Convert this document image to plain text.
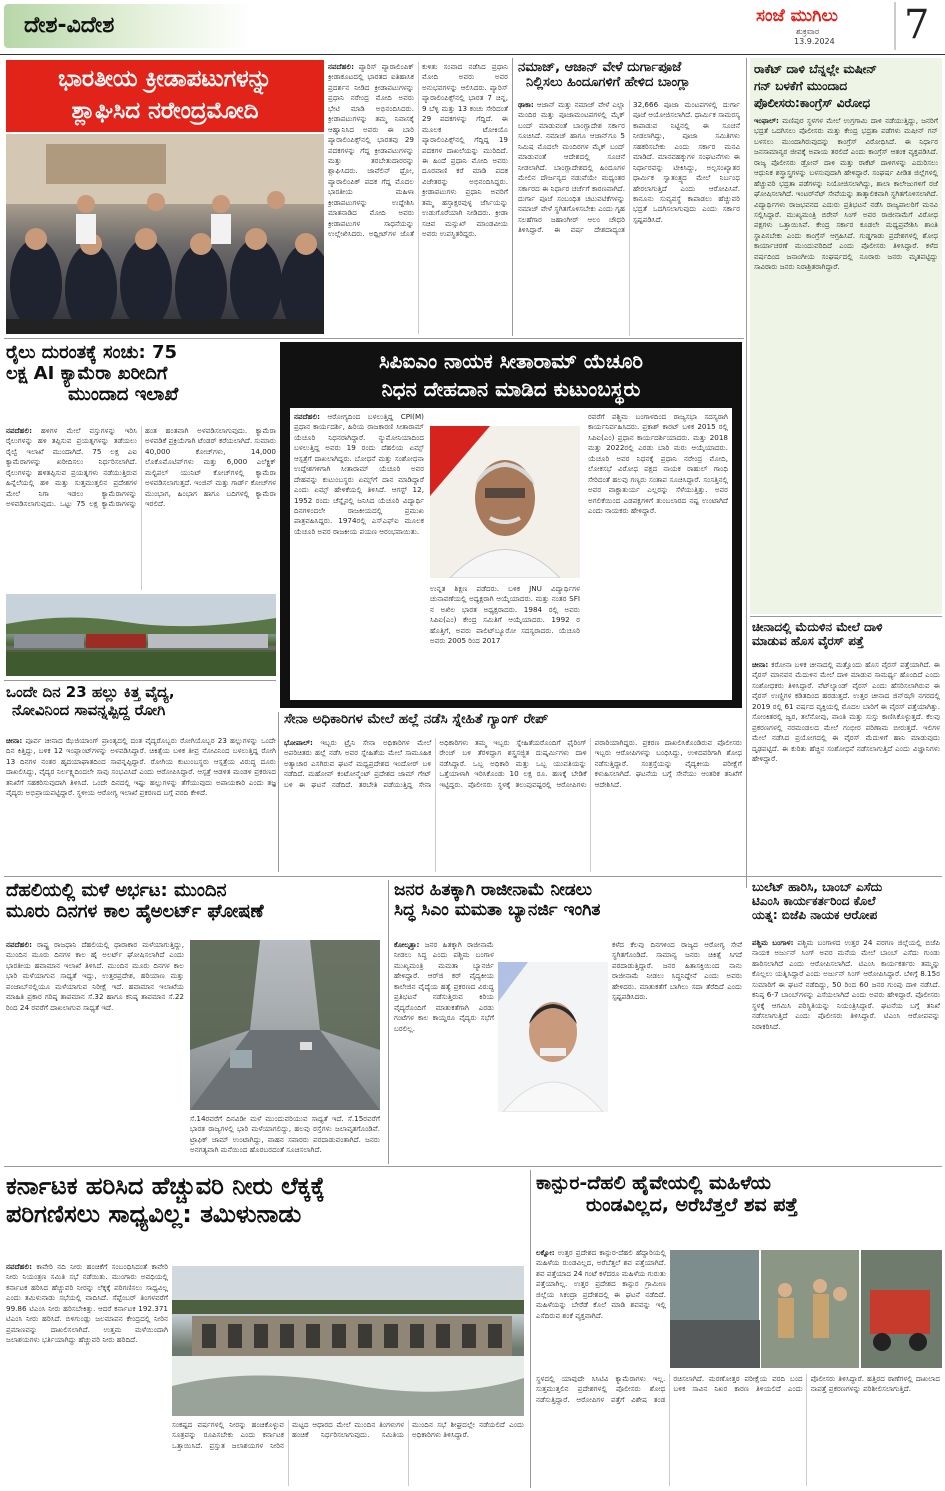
ದೇಶ-ವಿದೇಶ	ಸಂಜೆ ಮುಗಿಲು
ಶುಕ್ರವಾರ
13.9.2024 7
ಭಾರತೀಯ ಕ್ರೀಡಾಪಟುಗಳನ್ನು
ಶ್ಲಾಘಿಸಿದ ನರೇಂದ್ರಮೋದಿ
ನವದೆಹಲಿ: ಪ್ಯಾರಿಸ್ ಪ್ಯಾರಾಲಿಂಪಿಕ್ ಕ್ರೀಡಾಕೂಟದಲ್ಲಿ ಭಾರತದ ಐತಿಹಾಸಿಕ ಪ್ರದರ್ಶನ ನೀಡಿದ ಕ್ರೀಡಾಪಟುಗಳನ್ನು ಪ್ರಧಾನಿ ನರೇಂದ್ರ ಮೋದಿ ಅವರು ಭೇಟಿ ಮಾಡಿ ಅಭಿನಂದಿಸಿದರು. ಕ್ರೀಡಾಪಟುಗಳನ್ನು ತಮ್ಮ ನಿವಾಸಕ್ಕೆ ಆಹ್ವಾನಿಸಿದ ಅವರು ಈ ಬಾರಿ ಪ್ಯಾರಾಲಿಂಪಿಕ್ಸ್‌ನಲ್ಲಿ ಭಾರತವು 29 ಪದಕಗಳನ್ನು ಗೆದ್ದ ಕ್ರೀಡಾಪಟುಗಳನ್ನು ಮತ್ತು ತರಬೇತುದಾರರನ್ನು ಶ್ಲಾಘಿಸಿದರು. ಜಾವೆಲಿನ್ ಥ್ರೋ, ಪ್ಯಾರಾಲಿಂಪಿಕ್ ಪದಕ ಗೆದ್ದ ಮೊದಲ ಭಾರತೀಯ ಮಹಿಳಾ ಕ್ರೀಡಾಪಟುಗಳನ್ನು ಉದ್ದೇಶಿಸಿ ಮಾತನಾಡಿದ ಮೋದಿ ಅವರು ಕ್ರೀಡಾಪಟುಗಳ ಸಾಧನೆಯನ್ನು ಉಲ್ಲೇಖಿಸಿದರು. ಅಥ್ಲೀಟ್‌ಗಳ ಜೊತೆ ಕುಳಿತು ಸಂವಾದ ನಡೆಸಿದ ಪ್ರಧಾನಿ ಮೋದಿ ಅವರು ಅವರ ಅನುಭವಗಳನ್ನು ಆಲಿಸಿದರು. ಪ್ಯಾರಿಸ್ ಪ್ಯಾರಾಲಿಂಪಿಕ್ಸ್‌ನಲ್ಲಿ ಭಾರತ 7 ಚಿನ್ನ, 9 ಬೆಳ್ಳಿ ಮತ್ತು 13 ಕಂಚು ಸೇರಿದಂತೆ 29 ಪದಕಗಳನ್ನು ಗೆದ್ದಿದೆ. ಈ ಮೂಲಕ ಟೋಕಿಯೊ ಪ್ಯಾರಾಲಿಂಪಿಕ್ಸ್‌ನಲ್ಲಿ ಗೆದ್ದಿದ್ದ 19 ಪದಕಗಳ ದಾಖಲೆಯನ್ನು ಮುರಿದಿದೆ. ಈ ಹಿಂದೆ ಪ್ರಧಾನಿ ಮೋದಿ ಅವರು ದೂರವಾಣಿ ಕರೆ ಮಾಡಿ ಪದಕ ವಿಜೇತರನ್ನು ಅಭಿನಂದಿಸಿದ್ದರು. ಕ್ರೀಡಾಪಟುಗಳು ಪ್ರಧಾನಿ ಅವರಿಗೆ ತಮ್ಮ ಹಸ್ತಾಕ್ಷರವುಳ್ಳ ಜೆರ್ಸಿಯನ್ನು ಉಡುಗೊರೆಯಾಗಿ ನೀಡಿದರು. ಕ್ರೀಡಾ ಸಚಿವ ಮನ್ಸುಖ್ ಮಾಂಡವೀಯ ಅವರು ಉಪಸ್ಥಿತರಿದ್ದರು.
ನಮಾಜ್, ಆಜಾನ್ ವೇಳೆ ದುರ್ಗಾಪೂಜೆ
ನಿಲ್ಲಿಸಲು ಹಿಂದೂಗಳಿಗೆ ಹೇಳಿದ ಬಾಂಗ್ಲಾ
ಢಾಕಾ: ಆಜಾನ್ ಮತ್ತು ನಮಾಜ್ ವೇಳೆ ಎಲ್ಲಾ ಮಂದಿರ ಮತ್ತು ಪೂಜಾಮಂಟಪಗಳಲ್ಲಿ ಮೈಕ್ ಬಂದ್ ಮಾಡುವಂತೆ ಬಾಂಗ್ಲಾದೇಶ ಸರ್ಕಾರ ಸೂಚಿಸಿದೆ. ನಮಾಜ್ ಹಾಗೂ ಆಜಾನ್‌ಗೂ 5 ನಿಮಿಷ ಮೊದಲೇ ಮಂದಿರಗಳ ಮೈಕ್ ಬಂದ್ ಮಾಡುವಂತೆ ಆದೇಶದಲ್ಲಿ ಸೂಚನೆ ನೀಡಲಾಗಿದೆ. ಬಾಂಗ್ಲಾದೇಶದಲ್ಲಿ ಹಿಂದೂಗಳ ಮೇಲಿನ ದೌರ್ಜನ್ಯದ ನಡುವೆಯೇ ಮಧ್ಯಂತರ ಸರ್ಕಾರದ ಈ ನಿರ್ಧಾರ ಚರ್ಚೆಗೆ ಕಾರಣವಾಗಿದೆ. ದುರ್ಗಾ ಪೂಜೆ ಸಂಬಂಧಿತ ಚಟುವಟಿಕೆಗಳನ್ನು ನಮಾಜ್ ವೇಳೆ ಸ್ಥಗಿತಗೊಳಿಸಬೇಕು ಎಂದು ಗೃಹ ಸಲಹೆಗಾರ ಜಹಾಂಗೀರ್ ಆಲಂ ಚೌಧರಿ ತಿಳಿಸಿದ್ದಾರೆ. ಈ ವರ್ಷ ದೇಶದಾದ್ಯಂತ 32,666 ಪೂಜಾ ಮಂಟಪಗಳಲ್ಲಿ ದುರ್ಗಾ ಪೂಜೆ ಆಯೋಜಿಸಲಾಗಿದೆ. ಧಾರ್ಮಿಕ ಸಾಮರಸ್ಯ ಕಾಪಾಡುವ ನಿಟ್ಟಿನಲ್ಲಿ ಈ ಸೂಚನೆ ನೀಡಲಾಗಿದ್ದು, ಪೂಜಾ ಸಮಿತಿಗಳು ಸಹಕರಿಸಬೇಕು ಎಂದು ಸರ್ಕಾರ ಮನವಿ ಮಾಡಿದೆ. ಮಾನವಹಕ್ಕುಗಳ ಸಂಘಟನೆಗಳು ಈ ನಿರ್ಧಾರವನ್ನು ಟೀಕಿಸಿದ್ದು, ಅಲ್ಪಸಂಖ್ಯಾತರ ಧಾರ್ಮಿಕ ಸ್ವಾತಂತ್ರ್ಯದ ಮೇಲೆ ನಿರ್ಬಂಧ ಹೇರಲಾಗುತ್ತಿದೆ ಎಂದು ಆರೋಪಿಸಿವೆ. ಕಾನೂನು ಸುವ್ಯವಸ್ಥೆ ಕಾಪಾಡಲು ಹೆಚ್ಚುವರಿ ಭದ್ರತೆ ಒದಗಿಸಲಾಗುವುದು ಎಂದು ಸರ್ಕಾರ ಸ್ಪಷ್ಟಪಡಿಸಿದೆ.
ರಾಕೆಟ್ ದಾಳಿ ಬೆನ್ನಲ್ಲೇ ಮಷೀನ್
ಗನ್ ಬಳಕೆಗೆ ಮುಂದಾದ
ಪೊಲೀಸರು:ಕಾಂಗ್ರೆಸ್ ವಿರೋಧ
ಇಂಫಾಲ್: ಮಣಿಪುರ ಸ್ಥಳಗಳ ಮೇಲೆ ಉಗ್ರಗಾಮಿ ದಾಳಿ ನಡೆಯುತ್ತಿದ್ದು, ಜನರಿಗೆ ಭದ್ರತೆ ಒದಗಿಸಲು ಪೊಲೀಸರು ಮತ್ತು ಕೇಂದ್ರ ಭದ್ರತಾ ಪಡೆಗಳು ಮಷೀನ್ ಗನ್ ಬಳಸಲು ಮುಂದಾಗಿರುವುದನ್ನು ಕಾಂಗ್ರೆಸ್ ವಿರೋಧಿಸಿದೆ. ಈ ನಿರ್ಧಾರ ಜನಸಾಮಾನ್ಯರ ಜೀವಕ್ಕೆ ಅಪಾಯ ತರಲಿದೆ ಎಂದು ಕಾಂಗ್ರೆಸ್ ಆತಂಕ ವ್ಯಕ್ತಪಡಿಸಿದೆ. ರಾಜ್ಯ ಪೊಲೀಸರು ಡ್ರೋನ್ ದಾಳಿ ಮತ್ತು ರಾಕೆಟ್ ದಾಳಿಗಳನ್ನು ಎದುರಿಸಲು ಆಧುನಿಕ ಶಸ್ತ್ರಾಸ್ತ್ರಗಳನ್ನು ಬಳಸುವುದಾಗಿ ಹೇಳಿದ್ದಾರೆ. ಸಂಘರ್ಷ ಪೀಡಿತ ಜಿಲ್ಲೆಗಳಲ್ಲಿ ಹೆಚ್ಚುವರಿ ಭದ್ರತಾ ಪಡೆಗಳನ್ನು ನಿಯೋಜಿಸಲಾಗಿದ್ದು, ಶಾಲಾ ಕಾಲೇಜುಗಳಿಗೆ ರಜೆ ಘೋಷಿಸಲಾಗಿದೆ. ಇಂಟರ್‌ನೆಟ್ ಸೇವೆಯನ್ನು ತಾತ್ಕಾಲಿಕವಾಗಿ ಸ್ಥಗಿತಗೊಳಿಸಲಾಗಿದೆ. ವಿದ್ಯಾರ್ಥಿಗಳು ರಾಜಭವನದ ಎದುರು ಪ್ರತಿಭಟನೆ ನಡೆಸಿ ರಾಜ್ಯಪಾಲರಿಗೆ ಮನವಿ ಸಲ್ಲಿಸಿದ್ದಾರೆ. ಮುಖ್ಯಮಂತ್ರಿ ಬಿರೇನ್ ಸಿಂಗ್ ಅವರ ರಾಜೀನಾಮೆಗೆ ವಿರೋಧ ಪಕ್ಷಗಳು ಒತ್ತಾಯಿಸಿವೆ. ಕೇಂದ್ರ ಸರ್ಕಾರ ಕೂಡಲೇ ಮಧ್ಯಪ್ರವೇಶಿಸಿ ಶಾಂತಿ ಸ್ಥಾಪಿಸಬೇಕು ಎಂದು ಕಾಂಗ್ರೆಸ್ ಆಗ್ರಹಿಸಿದೆ. ಗುಡ್ಡಗಾಡು ಪ್ರದೇಶಗಳಲ್ಲಿ ಶೋಧ ಕಾರ್ಯಾಚರಣೆ ಮುಂದುವರಿದಿದೆ ಎಂದು ಪೊಲೀಸರು ತಿಳಿಸಿದ್ದಾರೆ. ಕಳೆದ ವರ್ಷದಿಂದ ಜನಾಂಗೀಯ ಸಂಘರ್ಷದಲ್ಲಿ ನೂರಾರು ಜನರು ಮೃತಪಟ್ಟಿದ್ದು ಸಾವಿರಾರು ಜನರು ನಿರಾಶ್ರಿತರಾಗಿದ್ದಾರೆ.
ರೈಲು ದುರಂತಕ್ಕೆ ಸಂಚು: 75
ಲಕ್ಷ AI ಕ್ಯಾಮೆರಾ ಖರೀದಿಗೆ
ಮುಂದಾದ ಇಲಾಖೆ
ನವದೆಹಲಿ: ಹಳಿಗಳ ಮೇಲೆ ವಸ್ತುಗಳನ್ನು ಇರಿಸಿ ರೈಲುಗಳನ್ನು ಹಳಿ ತಪ್ಪಿಸುವ ಪ್ರಯತ್ನಗಳನ್ನು ತಡೆಯಲು ರೈಲ್ವೆ ಇಲಾಖೆ ಮುಂದಾಗಿದೆ. 75 ಲಕ್ಷ ಎಐ ಕ್ಯಾಮೆರಾಗಳನ್ನು ಖರೀದಿಸಲು ನಿರ್ಧರಿಸಲಾಗಿದೆ. ರೈಲುಗಳನ್ನು ಹಳಿತಪ್ಪಿಸುವ ಪ್ರಯತ್ನಗಳು ನಡೆಯುತ್ತಿರುವ ಹಿನ್ನೆಲೆಯಲ್ಲಿ ಹಳಿ ಮತ್ತು ಸುತ್ತಮುತ್ತಲಿನ ಪ್ರದೇಶಗಳ ಮೇಲೆ ನಿಗಾ ಇಡಲು ಕ್ಯಾಮೆರಾಗಳನ್ನು ಅಳವಡಿಸಲಾಗುವುದು. ಒಟ್ಟು 75 ಲಕ್ಷ ಕ್ಯಾಮೆರಾಗಳನ್ನು ಹಂತ ಹಂತವಾಗಿ ಅಳವಡಿಸಲಾಗುವುದು. ಕ್ಯಾಮೆರಾ ಅಳವಡಿಕೆ ಪ್ರಕ್ರಿಯೆಗಾಗಿ ಟೆಂಡರ್ ಕರೆಯಲಾಗಿದೆ. ಸುಮಾರು 40,000 ಕೋಚ್‌ಗಳು, 14,000 ಲೊಕೊಮೊಟಿವ್‌ಗಳು ಮತ್ತು 6,000 ಎಲೆಕ್ಟ್ರಿಕ್ ಮಲ್ಟಿಪಲ್ ಯುನಿಟ್ ಕೋಚ್‌ಗಳಲ್ಲಿ ಕ್ಯಾಮೆರಾ ಅಳವಡಿಸಲಾಗುತ್ತದೆ. ಇಂಜಿನ್ ಮತ್ತು ಗಾರ್ಡ್ ಕೋಚ್‌ಗಳ ಮುಂಭಾಗ, ಹಿಂಭಾಗ ಹಾಗೂ ಬದಿಗಳಲ್ಲಿ ಕ್ಯಾಮೆರಾ ಇರಲಿದೆ.
ಸಿಪಿಐಎಂ ನಾಯಕ ಸೀತಾರಾಮ್ ಯೆಚೂರಿ
ನಿಧನ ದೇಹದಾನ ಮಾಡಿದ ಕುಟುಂಬಸ್ಥರು
ನವದೆಹಲಿ: ಆರೋಗ್ಯದಿಂದ ಬಳಲುತ್ತಿದ್ದ CPI(M) ಪ್ರಧಾನ ಕಾರ್ಯದರ್ಶಿ, ಹಿರಿಯ ರಾಜಕಾರಣಿ ಸೀತಾರಾಮ್ ಯೆಚೂರಿ ನಿಧನರಾಗಿದ್ದಾರೆ. ನ್ಯುಮೋನಿಯಾದಿಂದ ಬಳಲುತ್ತಿದ್ದ ಅವರು 19 ರಂದು ದೆಹಲಿಯ ಏಮ್ಸ್ ಆಸ್ಪತ್ರೆಗೆ ದಾಖಲಾಗಿದ್ದರು. ಬೋಧನೆ ಮತ್ತು ಸಂಶೋಧನಾ ಉದ್ದೇಶಗಳಿಗಾಗಿ ಸೀತಾರಾಮ್ ಯೆಚೂರಿ ಅವರ ದೇಹವನ್ನು ಕುಟುಂಬಸ್ಥರು ಏಮ್ಸ್‌ಗೆ ದಾನ ಮಾಡಿದ್ದಾರೆ ಎಂದು ಏಮ್ಸ್ ಹೇಳಿಕೆಯಲ್ಲಿ ತಿಳಿಸಿದೆ. ಆಗಸ್ಟ್ 12, 1952 ರಂದು ಚೆನ್ನೈನಲ್ಲಿ ಜನಿಸಿದ ಯೆಚೂರಿ ವಿದ್ಯಾರ್ಥಿ ದಿನಗಳಿಂದಲೇ ರಾಜಕೀಯದಲ್ಲಿ ಪ್ರಮುಖ ಪಾತ್ರವಹಿಸಿದ್ದರು. 1974ರಲ್ಲಿ ಎಸ್‌ಎಫ್‌ಐ ಮೂಲಕ ಯೆಚೂರಿ ಅವರ ರಾಜಕೀಯ ಪಯಣ ಆರಂಭವಾಯಿತು.
ಉನ್ನತ ಶಿಕ್ಷಣ ಪಡೆದರು. ಬಳಿಕ JNU ವಿದ್ಯಾರ್ಥಿಗಳ ಚುನಾವಣೆಯಲ್ಲಿ ಅಧ್ಯಕ್ಷರಾಗಿ ಆಯ್ಕೆಯಾದರು. ಮತ್ತು ನಂತರ SFI ನ ಅಖಿಲ ಭಾರತ ಅಧ್ಯಕ್ಷರಾದರು. 1984 ರಲ್ಲಿ ಅವರು ಸಿಪಿಐ(ಎಂ) ಕೇಂದ್ರ ಸಮಿತಿಗೆ ಆಯ್ಕೆಯಾದರು. 1992 ರ ಹೊತ್ತಿಗೆ, ಅವರು ಪಾಲಿಟ್‌ಬ್ಯೂರೋ ಸದಸ್ಯರಾದರು. ಯೆಚೂರಿ ಅವರು 2005 ರಿಂದ 2017
ರವರೆಗೆ ಪಶ್ಚಿಮ ಬಂಗಾಳದಿಂದ ರಾಜ್ಯಸಭಾ ಸದಸ್ಯರಾಗಿ ಕಾರ್ಯನಿರ್ವಹಿಸಿದರು. ಪ್ರಕಾಶ್ ಕಾರಟ್ ಬಳಿಕ 2015 ರಲ್ಲಿ ಸಿಪಿಐ(ಎಂ) ಪ್ರಧಾನ ಕಾರ್ಯದರ್ಶಿಯಾದರು. ಮತ್ತು 2018 ಮತ್ತು 2022ರಲ್ಲಿ ಎರಡು ಬಾರಿ ಮರು ಆಯ್ಕೆಯಾದರು. ಯೆಚೂರಿ ಅವರ ನಿಧನಕ್ಕೆ ಪ್ರಧಾನಿ ನರೇಂದ್ರ ಮೋದಿ, ಲೋಕಸಭೆ ವಿರೋಧ ಪಕ್ಷದ ನಾಯಕ ರಾಹುಲ್ ಗಾಂಧಿ ಸೇರಿದಂತೆ ಹಲವು ಗಣ್ಯರು ಸಂತಾಪ ಸೂಚಿಸಿದ್ದಾರೆ. ಸಂಸತ್ತಿನಲ್ಲಿ ಅವರ ವಾಕ್ಚಾತುರ್ಯ ಎಲ್ಲರನ್ನು ಸೆಳೆಯುತ್ತಿತ್ತು. ಅವರ ಅಗಲಿಕೆಯಿಂದ ಎಡಪಕ್ಷಗಳಿಗೆ ತುಂಬಲಾರದ ನಷ್ಟ ಉಂಟಾಗಿದೆ ಎಂದು ನಾಯಕರು ಹೇಳಿದ್ದಾರೆ.
ಒಂದೇ ದಿನ 23 ಹಲ್ಲು ಕಿತ್ತ ವೈದ್ಯ,
ನೋವಿನಿಂದ ಸಾವನ್ನಪ್ಪಿದ್ದ ರೋಗಿ
ಚೀನಾ: ಪೂರ್ವ ಚೀನಾದ ಝೆಜಿಯಾಂಗ್ ಪ್ರಾಂತ್ಯದಲ್ಲಿ ದಂತ ವೈದ್ಯರೊಬ್ಬರು ರೋಗಿಯೊಬ್ಬರ 23 ಹಲ್ಲುಗಳನ್ನು ಒಂದೇ ದಿನ ಕಿತ್ತಿದ್ದು, ಬಳಿಕ 12 ಇಂಪ್ಲಾಂಟ್‌ಗಳನ್ನು ಅಳವಡಿಸಿದ್ದಾರೆ. ಚಿಕಿತ್ಸೆಯ ಬಳಿಕ ತೀವ್ರ ನೋವಿನಿಂದ ಬಳಲುತ್ತಿದ್ದ ರೋಗಿ 13 ದಿನಗಳ ನಂತರ ಹೃದಯಾಘಾತದಿಂದ ಸಾವನ್ನಪ್ಪಿದ್ದಾರೆ. ರೋಗಿಯ ಕುಟುಂಬಸ್ಥರು ಆಸ್ಪತ್ರೆಯ ವಿರುದ್ಧ ದೂರು ದಾಖಲಿಸಿದ್ದು, ವೈದ್ಯರ ನಿರ್ಲಕ್ಷ್ಯದಿಂದಲೇ ಸಾವು ಸಂಭವಿಸಿದೆ ಎಂದು ಆರೋಪಿಸಿದ್ದಾರೆ. ಆಸ್ಪತ್ರೆ ಆಡಳಿತ ಮಂಡಳಿ ಪ್ರಕರಣದ ತನಿಖೆಗೆ ಸಹಕರಿಸುವುದಾಗಿ ತಿಳಿಸಿದೆ. ಒಂದೇ ದಿನದಲ್ಲಿ ಇಷ್ಟು ಹಲ್ಲುಗಳನ್ನು ತೆಗೆಯುವುದು ಅಪಾಯಕಾರಿ ಎಂದು ತಜ್ಞ ವೈದ್ಯರು ಅಭಿಪ್ರಾಯಪಟ್ಟಿದ್ದಾರೆ. ಸ್ಥಳೀಯ ಆರೋಗ್ಯ ಇಲಾಖೆ ಪ್ರಕರಣದ ಬಗ್ಗೆ ವರದಿ ಕೇಳಿದೆ.
ಸೇನಾ ಅಧಿಕಾರಿಗಳ ಮೇಲೆ ಹಲ್ಲೆ ನಡೆಸಿ ಸ್ನೇಹಿತೆ ಗ್ಯಾಂಗ್ ರೇಪ್
ಭೋಪಾಲ್: ಇಬ್ಬರು ಟ್ರೈನಿ ಸೇನಾ ಅಧಿಕಾರಿಗಳ ಮೇಲೆ ಅಪರಿಚಿತರು ಹಲ್ಲೆ ನಡೆಸಿ ಅವರ ಸ್ನೇಹಿತೆಯ ಮೇಲೆ ಸಾಮೂಹಿಕ ಅತ್ಯಾಚಾರ ಎಸಗಿರುವ ಘಟನೆ ಮಧ್ಯಪ್ರದೇಶದ ಇಂದೋರ್ ಬಳಿ ನಡೆದಿದೆ. ಮಹೋವ್ ಕಂಟೋನ್ಮೆಂಟ್ ಪ್ರದೇಶದ ಜಾಮ್ ಗೇಟ್ ಬಳಿ ಈ ಘಟನೆ ನಡೆದಿದೆ. ತರಬೇತಿ ಪಡೆಯುತ್ತಿದ್ದ ಸೇನಾ ಅಧಿಕಾರಿಗಳು ತಮ್ಮ ಇಬ್ಬರು ಸ್ನೇಹಿತೆಯರೊಂದಿಗೆ ಫೈರಿಂಗ್ ರೇಂಜ್ ಬಳಿ ತೆರಳಿದ್ದಾಗ ಶಸ್ತ್ರಸಜ್ಜಿತ ದುಷ್ಕರ್ಮಿಗಳು ದಾಳಿ ನಡೆಸಿದ್ದಾರೆ. ಒಬ್ಬ ಅಧಿಕಾರಿ ಮತ್ತು ಒಬ್ಬ ಯುವತಿಯನ್ನು ಒತ್ತೆಯಾಳಾಗಿ ಇರಿಸಿಕೊಂಡು 10 ಲಕ್ಷ ರೂ. ಹಣಕ್ಕೆ ಬೇಡಿಕೆ ಇಟ್ಟಿದ್ದರು. ಪೊಲೀಸರು ಸ್ಥಳಕ್ಕೆ ತಲುಪುವಷ್ಟರಲ್ಲಿ ಆರೋಪಿಗಳು ಪರಾರಿಯಾಗಿದ್ದರು. ಪ್ರಕರಣ ದಾಖಲಿಸಿಕೊಂಡಿರುವ ಪೊಲೀಸರು ಇಬ್ಬರು ಆರೋಪಿಗಳನ್ನು ಬಂಧಿಸಿದ್ದು, ಉಳಿದವರಿಗಾಗಿ ಶೋಧ ನಡೆಸುತ್ತಿದ್ದಾರೆ. ಸಂತ್ರಸ್ತೆಯನ್ನು ವೈದ್ಯಕೀಯ ಪರೀಕ್ಷೆಗೆ ಕಳುಹಿಸಲಾಗಿದೆ. ಘಟನೆಯ ಬಗ್ಗೆ ಸೇನೆಯು ಆಂತರಿಕ ತನಿಖೆಗೆ ಆದೇಶಿಸಿದೆ.
ಚೀನಾದಲ್ಲಿ ಮೆದುಳಿನ ಮೇಲೆ ದಾಳಿ
ಮಾಡುವ ಹೊಸ ವೈರಸ್ ಪತ್ತೆ
ಚೀನಾ: ಕರೋನಾ ಬಳಿಕ ಚೀನಾದಲ್ಲಿ ಮತ್ತೊಂದು ಹೊಸ ವೈರಸ್ ಪತ್ತೆಯಾಗಿದೆ. ಈ ವೈರಸ್ ಮಾನವನ ಮೆದುಳಿನ ಮೇಲೆ ದಾಳಿ ಮಾಡುವ ಸಾಮರ್ಥ್ಯ ಹೊಂದಿದೆ ಎಂದು ಸಂಶೋಧಕರು ತಿಳಿಸಿದ್ದಾರೆ. ವೆಟ್‌ಲ್ಯಾಂಡ್ ವೈರಸ್ ಎಂದು ಹೆಸರಿಸಲಾಗಿರುವ ಈ ವೈರಸ್ ಉಣ್ಣಿಗಳ ಕಡಿತದಿಂದ ಹರಡುತ್ತದೆ. ಉತ್ತರ ಚೀನಾದ ಜಿನ್‌ಝೌ ನಗರದಲ್ಲಿ 2019 ರಲ್ಲಿ 61 ವರ್ಷದ ವ್ಯಕ್ತಿಯಲ್ಲಿ ಮೊದಲ ಬಾರಿಗೆ ಈ ವೈರಸ್ ಪತ್ತೆಯಾಗಿತ್ತು. ಸೋಂಕಿತರಲ್ಲಿ ಜ್ವರ, ತಲೆನೋವು, ವಾಂತಿ ಮತ್ತು ಸುಸ್ತು ಕಾಣಿಸಿಕೊಳ್ಳುತ್ತದೆ. ಕೆಲವು ಪ್ರಕರಣಗಳಲ್ಲಿ ನರಮಂಡಲದ ಮೇಲೆ ಗಂಭೀರ ಪರಿಣಾಮ ಬೀರುತ್ತದೆ. ಇಲಿಗಳ ಮೇಲೆ ನಡೆಸಿದ ಪ್ರಯೋಗದಲ್ಲಿ ಈ ವೈರಸ್ ಮೆದುಳಿಗೆ ಹಾನಿ ಮಾಡುವುದು ದೃಢಪಟ್ಟಿದೆ. ಈ ಕುರಿತು ಹೆಚ್ಚಿನ ಸಂಶೋಧನೆ ನಡೆಸಲಾಗುತ್ತಿದೆ ಎಂದು ವಿಜ್ಞಾನಿಗಳು ಹೇಳಿದ್ದಾರೆ.
ದೆಹಲಿಯಲ್ಲಿ ಮಳೆ ಅರ್ಭಟ: ಮುಂದಿನ
ಮೂರು ದಿನಗಳ ಕಾಲ ಹೈಅಲರ್ಟ್ ಘೋಷಣೆ
ನವದೆಹಲಿ: ರಾಷ್ಟ್ರ ರಾಜಧಾನಿ ದೆಹಲಿಯಲ್ಲಿ ಧಾರಾಕಾರ ಮಳೆಯಾಗುತ್ತಿದ್ದು, ಮುಂದಿನ ಮೂರು ದಿನಗಳ ಕಾಲ ಹೈ ಅಲರ್ಟ್ ಘೋಷಿಸಲಾಗಿದೆ ಎಂದು ಭಾರತೀಯ ಹವಾಮಾನ ಇಲಾಖೆ ತಿಳಿಸಿದೆ. ಮುಂದಿನ ಮೂರು ದಿನಗಳ ಕಾಲ ಭಾರಿ ಮಳೆಯಾಗುವ ಸಾಧ್ಯತೆ ಇದ್ದು, ಉತ್ತರಪ್ರದೇಶ, ಹರಿಯಾಣ ಮತ್ತು ಪಂಜಾಬ್‌ನಲ್ಲಿಯೂ ಮಳೆಯಾಗುವ ನಿರೀಕ್ಷೆ ಇದೆ. ಹವಾಮಾನ ಇಲಾಖೆಯ ಮಾಹಿತಿ ಪ್ರಕಾರ ಗರಿಷ್ಠ ತಾಪಮಾನ ಸೆ.32 ಹಾಗೂ ಕನಿಷ್ಠ ತಾಪಮಾನ ಸೆ.22 ರಿಂದ 24 ರವರೆಗೆ ದಾಖಲಾಗುವ ಸಾಧ್ಯತೆ ಇದೆ.
ಸೆ.14ರವರೆಗೆ ದಿನವಿಡೀ ಮಳೆ ಮುಂದುವರಿಯುವ ಸಾಧ್ಯತೆ ಇದೆ. ಸೆ.15ರವರೆಗೆ ಭಾರತ ರಾಜ್ಯಗಳಲ್ಲಿ ಭಾರಿ ಮಳೆಯಾಗಲಿದ್ದು, ಹಲವು ರಸ್ತೆಗಳು ಜಲಾವೃತಗೊಂಡಿವೆ. ಟ್ರಾಫಿಕ್ ಜಾಮ್ ಉಂಟಾಗಿದ್ದು, ವಾಹನ ಸವಾರರು ಪರದಾಡುವಂತಾಗಿದೆ. ಜನರು ಅನಗತ್ಯವಾಗಿ ಮನೆಯಿಂದ ಹೊರಬರದಂತೆ ಸೂಚಿಸಲಾಗಿದೆ.
ಜನರ ಹಿತಕ್ಕಾಗಿ ರಾಜೀನಾಮೆ ನೀಡಲು
ಸಿದ್ಧ ಸಿಎಂ ಮಮತಾ ಬ್ಯಾನರ್ಜಿ ಇಂಗಿತ
ಕೋಲ್ಕತ್ತಾ: ಜನರ ಹಿತಕ್ಕಾಗಿ ರಾಜೀನಾಮೆ ನೀಡಲು ಸಿದ್ಧ ಎಂದು ಪಶ್ಚಿಮ ಬಂಗಾಳ ಮುಖ್ಯಮಂತ್ರಿ ಮಮತಾ ಬ್ಯಾನರ್ಜಿ ಹೇಳಿದ್ದಾರೆ. ಆರ್‌ಜಿ ಕರ್ ವೈದ್ಯಕೀಯ ಕಾಲೇಜಿನ ವೈದ್ಯೆಯ ಹತ್ಯೆ ಪ್ರಕರಣದ ವಿರುದ್ಧ ಪ್ರತಿಭಟನೆ ನಡೆಸುತ್ತಿರುವ ಕಿರಿಯ ವೈದ್ಯರೊಂದಿಗೆ ಮಾತುಕತೆಗಾಗಿ ಎರಡು ಗಂಟೆಗಳ ಕಾಲ ಕಾಯ್ದರೂ ವೈದ್ಯರು ಸಭೆಗೆ ಬರಲಿಲ್ಲ.
ಕಳೆದ ಕೆಲವು ದಿನಗಳಿಂದ ರಾಜ್ಯದ ಆರೋಗ್ಯ ಸೇವೆ ಸ್ಥಗಿತಗೊಂಡಿದೆ. ಸಾಮಾನ್ಯ ಜನರು ಚಿಕಿತ್ಸೆ ಸಿಗದೆ ಪರದಾಡುತ್ತಿದ್ದಾರೆ. ಜನರ ಹಿತಾಸಕ್ತಿಯಿಂದ ನಾನು ರಾಜೀನಾಮೆ ನೀಡಲು ಸಿದ್ಧನಿದ್ದೇನೆ ಎಂದು ಅವರು ಹೇಳಿದರು. ಮಾತುಕತೆಗೆ ಬಾಗಿಲು ಸದಾ ತೆರೆದಿದೆ ಎಂದು ಸ್ಪಷ್ಟಪಡಿಸಿದರು.
ಬುಲೆಟ್ ಹಾರಿಸಿ, ಬಾಂಬ್ ಎಸೆದು
ಟಿಎಂಸಿ ಕಾರ್ಯಕರ್ತರಿಂದ ಕೊಲೆ
ಯತ್ನ: ಬಿಜೆಪಿ ನಾಯಕ ಆರೋಪ
ಪಶ್ಚಿಮ ಬಂಗಾಳ: ಪಶ್ಚಿಮ ಬಂಗಾಳದ ಉತ್ತರ 24 ಪರಗಣ ಜಿಲ್ಲೆಯಲ್ಲಿ ಬಿಜೆಪಿ ನಾಯಕ ಅರ್ಜುನ್ ಸಿಂಗ್ ಅವರ ಮನೆಯ ಮೇಲೆ ಬಾಂಬ್ ಎಸೆದು ಗುಂಡು ಹಾರಿಸಲಾಗಿದೆ ಎಂದು ಆರೋಪಿಸಲಾಗಿದೆ. ಟಿಎಂಸಿ ಕಾರ್ಯಕರ್ತರು ತಮ್ಮನ್ನು ಕೊಲ್ಲಲು ಯತ್ನಿಸಿದ್ದಾರೆ ಎಂದು ಅರ್ಜುನ್ ಸಿಂಗ್ ಆರೋಪಿಸಿದ್ದಾರೆ. ಬೆಳಿಗ್ಗೆ 8.15ರ ಸುಮಾರಿಗೆ ಈ ಘಟನೆ ನಡೆದಿದ್ದು, 50 ರಿಂದ 60 ಜನರ ಗುಂಪು ದಾಳಿ ನಡೆಸಿದೆ. ಕನಿಷ್ಠ 6-7 ಬಾಂಬ್‌ಗಳನ್ನು ಎಸೆಯಲಾಗಿದೆ ಎಂದು ಅವರು ಹೇಳಿದ್ದಾರೆ. ಪೊಲೀಸರು ಸ್ಥಳಕ್ಕೆ ಆಗಮಿಸಿ ಪರಿಸ್ಥಿತಿಯನ್ನು ನಿಯಂತ್ರಿಸಿದ್ದಾರೆ. ಘಟನೆಯ ಬಗ್ಗೆ ತನಿಖೆ ನಡೆಸಲಾಗುತ್ತಿದೆ ಎಂದು ಪೊಲೀಸರು ತಿಳಿಸಿದ್ದಾರೆ. ಟಿಎಂಸಿ ಆರೋಪವನ್ನು ನಿರಾಕರಿಸಿದೆ.
ಕರ್ನಾಟಕ ಹರಿಸಿದ ಹೆಚ್ಚುವರಿ ನೀರು ಲೆಕ್ಕಕ್ಕೆ
ಪರಿಗಣಿಸಲು ಸಾಧ್ಯವಿಲ್ಲ: ತಮಿಳುನಾಡು
ನವದೆಹಲಿ: ಕಾವೇರಿ ನದಿ ನೀರು ಹಂಚಿಕೆಗೆ ಸಂಬಂಧಿಸಿದಂತೆ ಕಾವೇರಿ ನೀರು ನಿಯಂತ್ರಣ ಸಮಿತಿ ಸಭೆ ನಡೆಯಿತು. ಮುಂಗಾರು ಅವಧಿಯಲ್ಲಿ ಕರ್ನಾಟಕ ಹರಿಸಿದ ಹೆಚ್ಚುವರಿ ನೀರನ್ನು ಲೆಕ್ಕಕ್ಕೆ ಪರಿಗಣಿಸಲು ಸಾಧ್ಯವಿಲ್ಲ ಎಂದು ತಮಿಳುನಾಡು ಸಭೆಯಲ್ಲಿ ವಾದಿಸಿದೆ. ಸೆಪ್ಟೆಂಬರ್ ತಿಂಗಳವರೆಗೆ 99.86 ಟಿಎಂಸಿ ನೀರು ಹರಿಸಬೇಕಿತ್ತು. ಆದರೆ ಕರ್ನಾಟಕ 192.371 ಟಿಎಂಸಿ ನೀರು ಹರಿಸಿದೆ. ಬಿಳಿಗುಂಡ್ಲು ಜಲಮಾಪನ ಕೇಂದ್ರದಲ್ಲಿ ನೀರಿನ ಪ್ರಮಾಣವನ್ನು ದಾಖಲಿಸಲಾಗಿದೆ. ಉತ್ತಮ ಮಳೆಯಿಂದಾಗಿ ಜಲಾಶಯಗಳು ಭರ್ತಿಯಾಗಿದ್ದು ಹೆಚ್ಚುವರಿ ನೀರು ಹರಿದಿದೆ.
ಸಂಕಷ್ಟದ ವರ್ಷಗಳಲ್ಲಿ ನೀರನ್ನು ಹಂಚಿಕೊಳ್ಳುವ ಸೂತ್ರವನ್ನು ರೂಪಿಸಬೇಕು ಎಂದು ಕರ್ನಾಟಕ ಒತ್ತಾಯಿಸಿದೆ. ಪ್ರಸ್ತುತ ಜಲಾಶಯಗಳ ನೀರಿನ ಮಟ್ಟದ ಆಧಾರದ ಮೇಲೆ ಮುಂದಿನ ತಿಂಗಳುಗಳ ಹಂಚಿಕೆ ನಿರ್ಧರಿಸಲಾಗುವುದು. ಸಮಿತಿಯ ಮುಂದಿನ ಸಭೆ ಶೀಘ್ರದಲ್ಲೇ ನಡೆಯಲಿದೆ ಎಂದು ಅಧಿಕಾರಿಗಳು ತಿಳಿಸಿದ್ದಾರೆ.
ಕಾನ್ಪುರ-ದೆಹಲಿ ಹೈವೇಯಲ್ಲಿ ಮಹಿಳೆಯ
ರುಂಡವಿಲ್ಲದ, ಅರೆಬೆತ್ತಲೆ ಶವ ಪತ್ತೆ
ಲಕ್ನೋ: ಉತ್ತರ ಪ್ರದೇಶದ ಕಾನ್ಪುರ-ದೆಹಲಿ ಹೆದ್ದಾರಿಯಲ್ಲಿ ಮಹಿಳೆಯ ರುಂಡವಿಲ್ಲದ, ಅರೆಬೆತ್ತಲೆ ಶವ ಪತ್ತೆಯಾಗಿದೆ. ಶವ ಪತ್ತೆಯಾದ 24 ಗಂಟೆ ಕಳೆದರೂ ಮಹಿಳೆಯ ಗುರುತು ಪತ್ತೆಯಾಗಿಲ್ಲ. ಉತ್ತರ ಪ್ರದೇಶದ ಕಾನ್ಪುರ ಗ್ರಾಮೀಣ ಜಿಲ್ಲೆಯ ಸಿಕಂದ್ರಾ ಪ್ರದೇಶದಲ್ಲಿ ಈ ಘಟನೆ ನಡೆದಿದೆ. ಮಹಿಳೆಯನ್ನು ಬೇರೆಡೆ ಕೊಲೆ ಮಾಡಿ ಶವವನ್ನು ಇಲ್ಲಿ ಎಸೆದಿರುವ ಶಂಕೆ ವ್ಯಕ್ತವಾಗಿದೆ.
ಸ್ಥಳದಲ್ಲಿ ಯಾವುದೇ ಸಿಸಿಟಿವಿ ಕ್ಯಾಮೆರಾಗಳು ಇಲ್ಲ. ಸುತ್ತಮುತ್ತಲಿನ ಪ್ರದೇಶಗಳಲ್ಲಿ ಪೊಲೀಸರು ಶೋಧ ನಡೆಸುತ್ತಿದ್ದಾರೆ. ಆರೋಪಿಗಳ ಪತ್ತೆಗೆ ವಿಶೇಷ ತಂಡ ರಚಿಸಲಾಗಿದೆ. ಮರಣೋತ್ತರ ಪರೀಕ್ಷೆಯ ವರದಿ ಬಂದ ಬಳಿಕ ಸಾವಿನ ನಿಖರ ಕಾರಣ ತಿಳಿಯಲಿದೆ ಎಂದು ಪೊಲೀಸರು ತಿಳಿಸಿದ್ದಾರೆ. ಹತ್ತಿರದ ಠಾಣೆಗಳಲ್ಲಿ ದಾಖಲಾದ ನಾಪತ್ತೆ ಪ್ರಕರಣಗಳನ್ನು ಪರಿಶೀಲಿಸಲಾಗುತ್ತಿದೆ.
